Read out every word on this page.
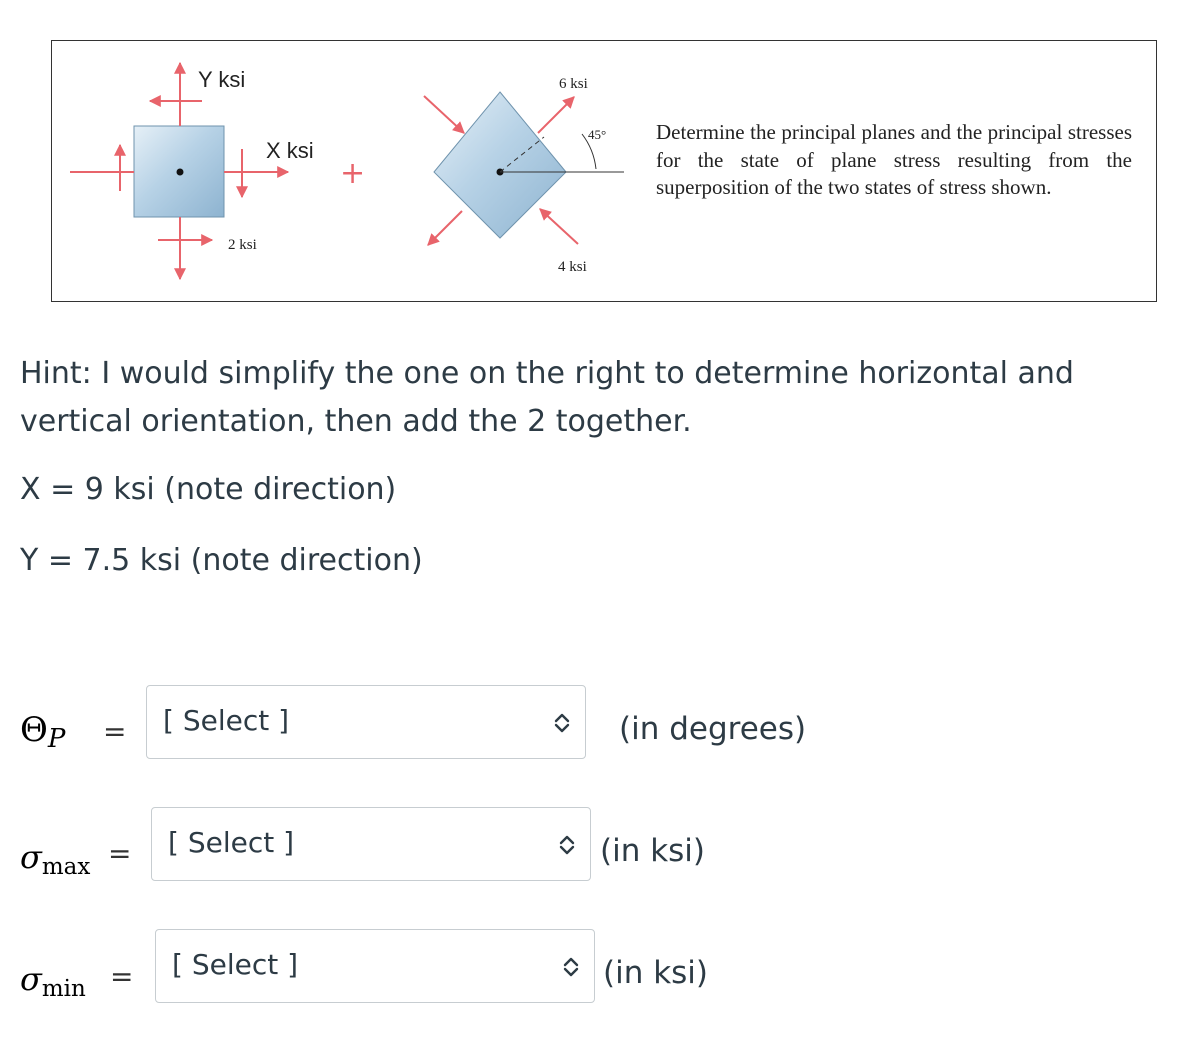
Y ksi
X ksi
2 ksi
+
6 ksi
45°
4 ksi
Determine the principal planes and the principal stresses for the state of plane stress resulting from the superposition of the two states of stress shown.
Hint: I would simplify the one on the right to determine horizontal and vertical orientation, then add the 2 together.
X = 9 ksi (note direction)
Y = 7.5 ksi (note direction)
ΘP = [ Select ]	(in degrees)
σmax = [ Select ]	(in ksi)
σmin = [ Select ]	(in ksi)
